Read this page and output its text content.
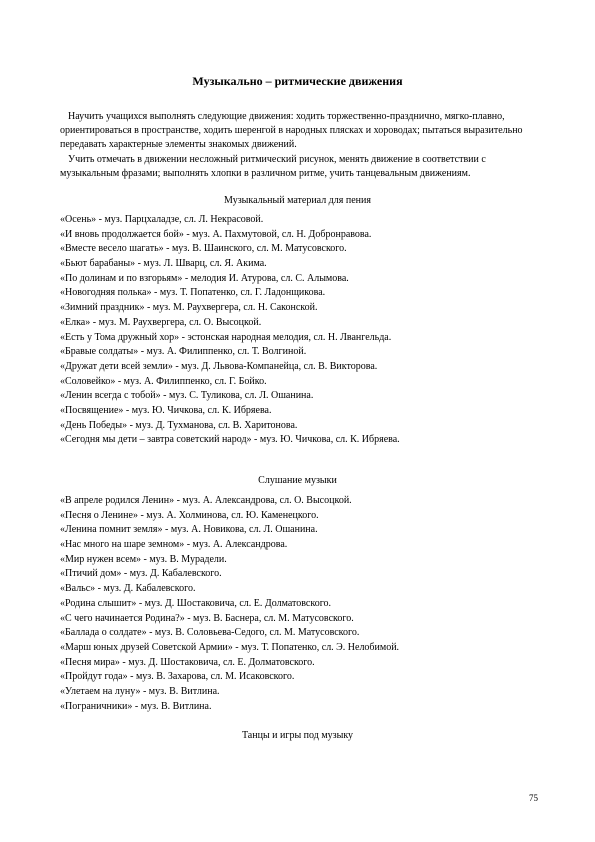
Музыкально – ритмические движения

Научить учащихся выполнять следующие движения: ходить торжественно-празднично, мягко-плавно, ориентироваться в пространстве, ходить шеренгой в народных плясках и хороводах; пытаться выразительно передавать характерные элементы знакомых движений.

Учить отмечать в движении несложный ритмический рисунок, менять движение в соответствии с музыкальным фразами; выполнять хлопки в различном ритме, учить танцевальным движениям.

Музыкальный материал для пения
«Осень» - муз. Парцхаладзе, сл. Л. Некрасовой.
«И вновь продолжается бой» - муз. А. Пахмутовой, сл. Н. Добронравова.
«Вместе весело шагать» - муз. В. Шаинского, сл. М. Матусовского.
«Бьют барабаны» - муз. Л. Шварц, сл. Я. Акима.
«По долинам и по взгорьям» - мелодия И. Атурова, сл. С. Алымова.
«Новогодняя полька» - муз. Т. Попатенко, сл. Г. Ладонщикова.
«Зимний праздник» - муз. М. Раухвергера, сл. Н. Саконской.
«Елка» - муз. М. Раухвергера, сл. О. Высоцкой.
«Есть у Тома дружный хор» - эстонская народная мелодия, сл. Н. Лвангельда.
«Бравые солдаты» - муз. А. Филиппенко, сл. Т. Волгиной.
«Дружат дети всей земли» - муз. Д. Львова-Компанейца, сл. В. Викторова.
«Соловейко» - муз. А. Филиппенко, сл. Г. Бойко.
«Ленин всегда с тобой» - муз. С. Туликова, сл. Л. Ошанина.
«Посвящение» - муз. Ю. Чичкова, сл. К. Ибряева.
«День Победы» - муз. Д. Тухманова, сл. В. Харитонова.
«Сегодня мы дети – завтра советский народ» - муз. Ю. Чичкова, сл. К. Ибряева.
Слушание музыки
«В апреле родился Ленин» - муз. А. Александрова, сл. О. Высоцкой.
«Песня о Ленине» - муз. А. Холминова, сл. Ю. Каменецкого.
«Ленина помнит земля» - муз. А. Новикова, сл. Л. Ошанина.
«Нас много на шаре земном» - муз. А. Александрова.
«Мир нужен всем» - муз. В. Мурадели.
«Птичий дом» - муз. Д. Кабалевского.
«Вальс» - муз. Д. Кабалевского.
«Родина слышит» - муз. Д. Шостаковича, сл. Е. Долматовского.
«С чего начинается Родина?» - муз. В. Баснера, сл. М. Матусовского.
«Баллада о солдате» - муз. В. Соловьева-Седого, сл. М. Матусовского.
«Марш юных друзей Советской Армии» - муз. Т. Попатенко, сл. Э. Нелобимой.
«Песня мира» - муз. Д. Шостаковича, сл. Е. Долматовского.
«Пройдут года» - муз. В. Захарова, сл. М. Исаковского.
«Улетаем на луну» - муз. В. Витлина.
«Пограничники» - муз. В. Витлина.
Танцы и игры под музыку
75
